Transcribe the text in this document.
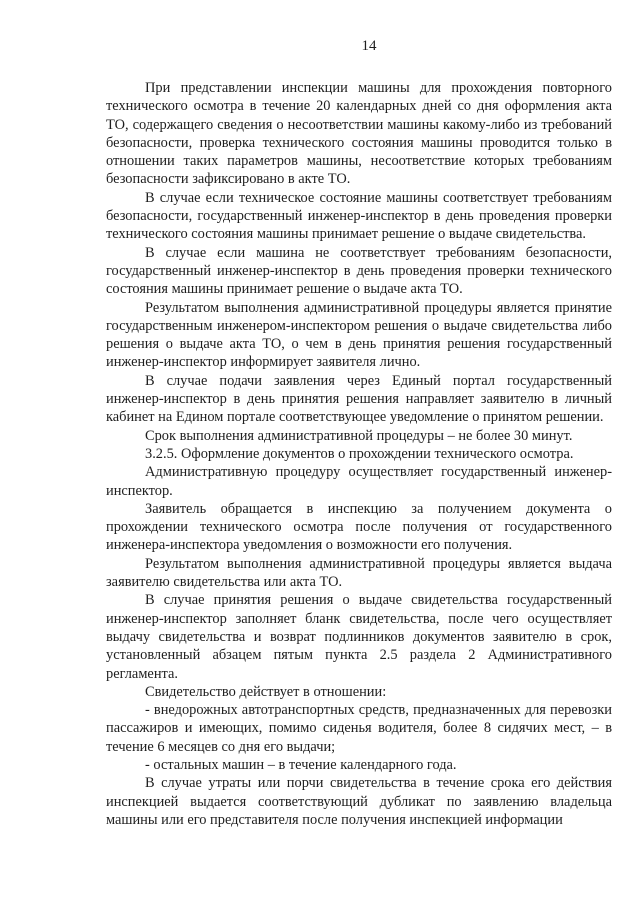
14

При представлении инспекции машины для прохождения повторного технического осмотра в течение 20 календарных дней со дня оформления акта ТО, содержащего сведения о несоответствии машины какому-либо из требований безопасности, проверка технического состояния машины проводится только в отношении таких параметров машины, несоответствие которых требованиям безопасности зафиксировано в акте ТО.

В случае если техническое состояние машины соответствует требованиям безопасности, государственный инженер-инспектор в день проведения проверки технического состояния машины принимает решение о выдаче свидетельства.

В случае если машина не соответствует требованиям безопасности, государственный инженер-инспектор в день проведения проверки технического состояния машины принимает решение о выдаче акта ТО.

Результатом выполнения административной процедуры является принятие государственным инженером-инспектором решения о выдаче свидетельства либо решения о выдаче акта ТО, о чем в день принятия решения государственный инженер-инспектор информирует заявителя лично.

В случае подачи заявления через Единый портал государственный инженер-инспектор в день принятия решения направляет заявителю в личный кабинет на Едином портале соответствующее уведомление о принятом решении.

Срок выполнения административной процедуры – не более 30 минут.

3.2.5. Оформление документов о прохождении технического осмотра.

Административную процедуру осуществляет государственный инженер-инспектор.

Заявитель обращается в инспекцию за получением документа о прохождении технического осмотра после получения от государственного инженера-инспектора уведомления о возможности его получения.

Результатом выполнения административной процедуры является выдача заявителю свидетельства или акта ТО.

В случае принятия решения о выдаче свидетельства государственный инженер-инспектор заполняет бланк свидетельства, после чего осуществляет выдачу свидетельства и возврат подлинников документов заявителю в срок, установленный абзацем пятым пункта 2.5 раздела 2 Административного регламента.

Свидетельство действует в отношении:

- внедорожных автотранспортных средств, предназначенных для перевозки пассажиров и имеющих, помимо сиденья водителя, более 8 сидячих мест, – в течение 6 месяцев со дня его выдачи;

- остальных машин – в течение календарного года.

В случае утраты или порчи свидетельства в течение срока его действия инспекцией выдается соответствующий дубликат по заявлению владельца машины или его представителя после получения инспекцией информации
